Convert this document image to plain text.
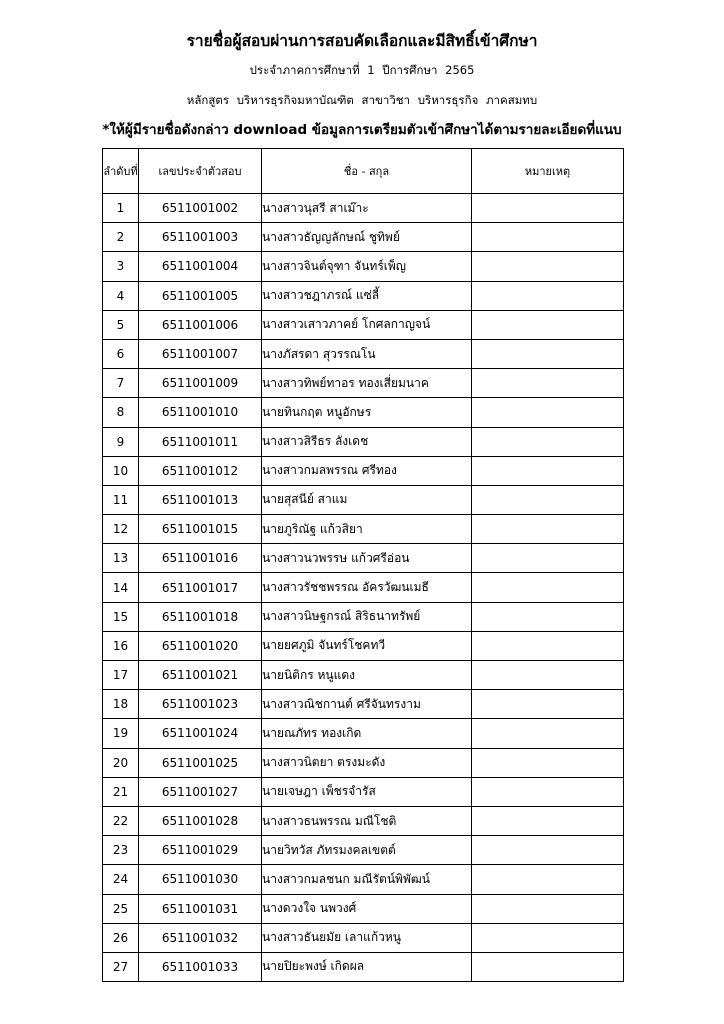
รายชื่อผู้สอบผ่านการสอบคัดเลือกและมีสิทธิ์เข้าศึกษา
ประจำภาคการศึกษาที่ 1 ปีการศึกษา 2565
หลักสูตร บริหารธุรกิจมหาบัณฑิต สาขาวิชา บริหารธุรกิจ ภาคสมทบ
*ให้ผู้มีรายชื่อดังกล่าว download ข้อมูลการเตรียมตัวเข้าศึกษาได้ตามรายละเอียดที่แนบ
ลำดับที่	เลขประจำตัวสอบ	ชื่อ - สกุล	หมายเหตุ
1	6511001002	นางสาวนุสรี สาเม๊าะ	
2	6511001003	นางสาวธัญญลักษณ์ ชูทิพย์	
3	6511001004	นางสาวจินต์จุฑา จันทร์เพ็ญ	
4	6511001005	นางสาวชฎาภรณ์ แซ่ลี้	
5	6511001006	นางสาวเสาวภาคย์ โกศลกาญจน์	
6	6511001007	นางภัสรดา สุวรรณโน	
7	6511001009	นางสาวทิพย์ทาอร ทองเสี่ยมนาค	
8	6511001010	นายทินกฤต หนูอักษร	
9	6511001011	นางสาวสิรีธร ลังเดช	
10	6511001012	นางสาวกมลพรรณ ศรีทอง	
11	6511001013	นายสุสนีย์ สาแม	
12	6511001015	นายภูริณัฐ แก้วสิยา	
13	6511001016	นางสาวนวพรรษ แก้วศรีอ่อน	
14	6511001017	นางสาวรัชชพรรณ อัครวัฒนเมธี	
15	6511001018	นางสาวนิษฐกรณ์ สิริธนาทรัพย์	
16	6511001020	นายยศภูมิ จันทร์โชคทวี	
17	6511001021	นายนิติกร หนูแดง	
18	6511001023	นางสาวณิชกานต์ ศรีจันทรงาม	
19	6511001024	นายณภัทร ทองเกิด	
20	6511001025	นางสาวนิตยา ตรงมะดัง	
21	6511001027	นายเจษฎา เพ็ชรจำรัส	
22	6511001028	นางสาวธนพรรณ มณีโชติ	
23	6511001029	นายวิทวัส ภัทรมงคลเขตต์	
24	6511001030	นางสาวกมลชนก มณีรัตน์พิพัฒน์	
25	6511001031	นางดวงใจ นพวงศ์	
26	6511001032	นางสาวธันยมัย เลาแก้วหนู	
27	6511001033	นายปิยะพงษ์ เกิดผล	
